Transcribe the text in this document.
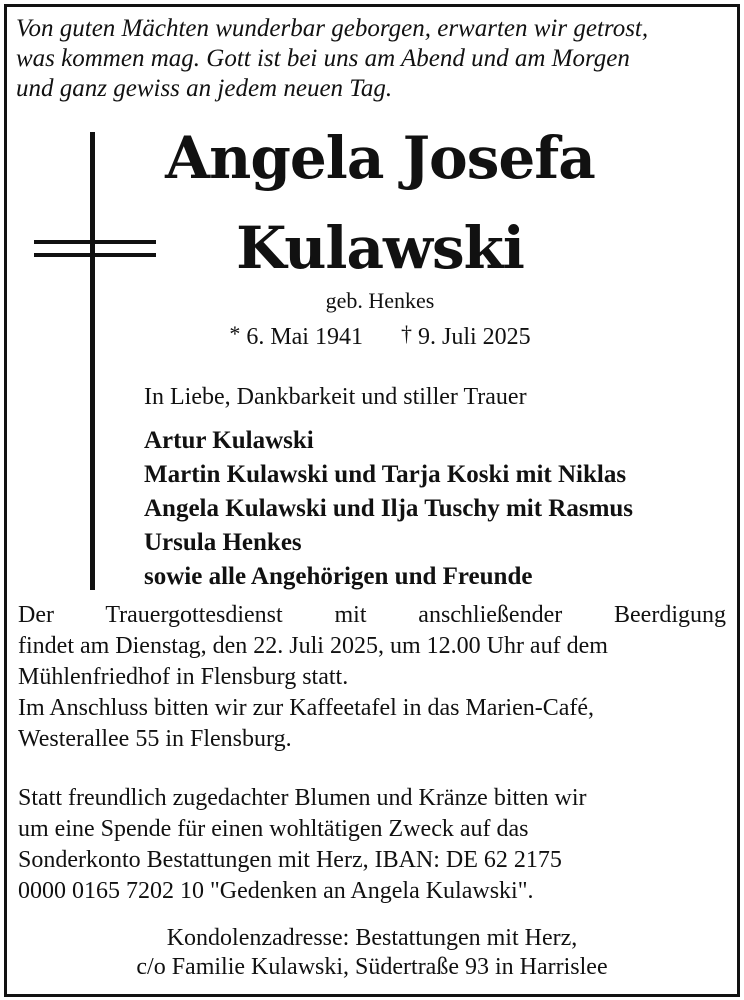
Von guten Mächten wunderbar geborgen, erwarten wir getrost,
was kommen mag. Gott ist bei uns am Abend und am Morgen
und ganz gewiss an jedem neuen Tag.
Angela Josefa
Kulawski
geb. Henkes
* 6. Mai 1941 † 9. Juli 2025
In Liebe, Dankbarkeit und stiller Trauer
Artur Kulawski
Martin Kulawski und Tarja Koski mit Niklas
Angela Kulawski und Ilja Tuschy mit Rasmus
Ursula Henkes
sowie alle Angehörigen und Freunde
Der Trauergottesdienst mit anschließender Beerdigung
findet am Dienstag, den 22. Juli 2025, um 12.00 Uhr auf dem
Mühlenfriedhof in Flensburg statt.
Im Anschluss bitten wir zur Kaffeetafel in das Marien-Café,
Westerallee 55 in Flensburg.
Statt freundlich zugedachter Blumen und Kränze bitten wir
um eine Spende für einen wohltätigen Zweck auf das
Sonderkonto Bestattungen mit Herz, IBAN: DE 62 2175
0000 0165 7202 10 "Gedenken an Angela Kulawski".
Kondolenzadresse: Bestattungen mit Herz,
c/o Familie Kulawski, Südertraße 93 in Harrislee
